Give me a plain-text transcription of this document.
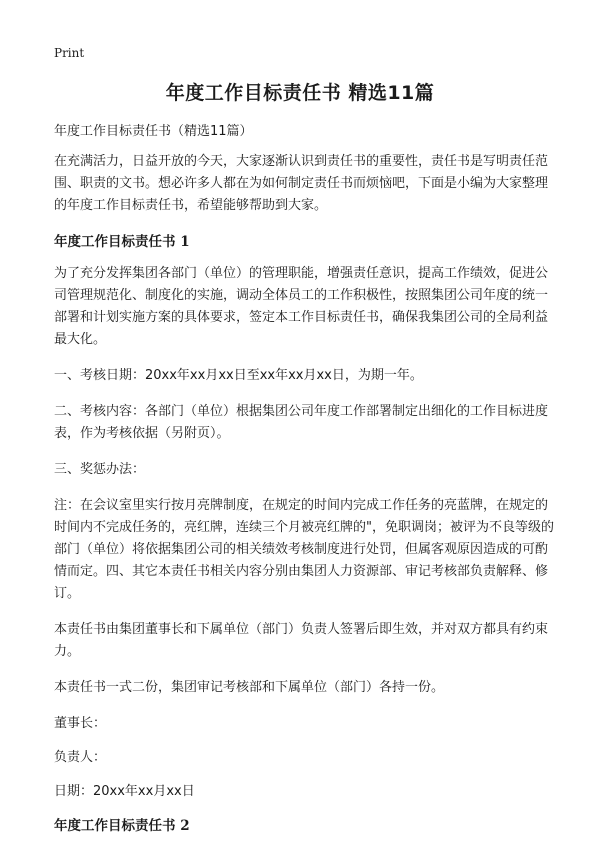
Print
年度工作目标责任书 精选11篇

年度工作目标责任书（精选11篇）

在充满活力，日益开放的今天，大家逐渐认识到责任书的重要性，责任书是写明责任范围、职责的文书。想必许多人都在为如何制定责任书而烦恼吧，下面是小编为大家整理的年度工作目标责任书，希望能够帮助到大家。

年度工作目标责任书 1

为了充分发挥集团各部门（单位）的管理职能，增强责任意识，提高工作绩效，促进公司管理规范化、制度化的实施，调动全体员工的工作积极性，按照集团公司年度的统一部署和计划实施方案的具体要求，签定本工作目标责任书，确保我集团公司的全局利益最大化。

一、考核日期：20xx年xx月xx日至xx年xx月xx日，为期一年。

二、考核内容：各部门（单位）根据集团公司年度工作部署制定出细化的工作目标进度表，作为考核依据（另附页）。

三、奖惩办法：

注：在会议室里实行按月亮牌制度，在规定的时间内完成工作任务的亮蓝牌，在规定的时间内不完成任务的，亮红牌，连续三个月被亮红牌的"，免职调岗；被评为不良等级的部门（单位）将依据集团公司的相关绩效考核制度进行处罚，但属客观原因造成的可酌情而定。四、其它本责任书相关内容分别由集团人力资源部、审记考核部负责解释、修订。

本责任书由集团董事长和下属单位（部门）负责人签署后即生效，并对双方都具有约束力。

本责任书一式二份，集团审记考核部和下属单位（部门）各持一份。

董事长：

负责人：

日期：20xx年xx月xx日

年度工作目标责任书 2
